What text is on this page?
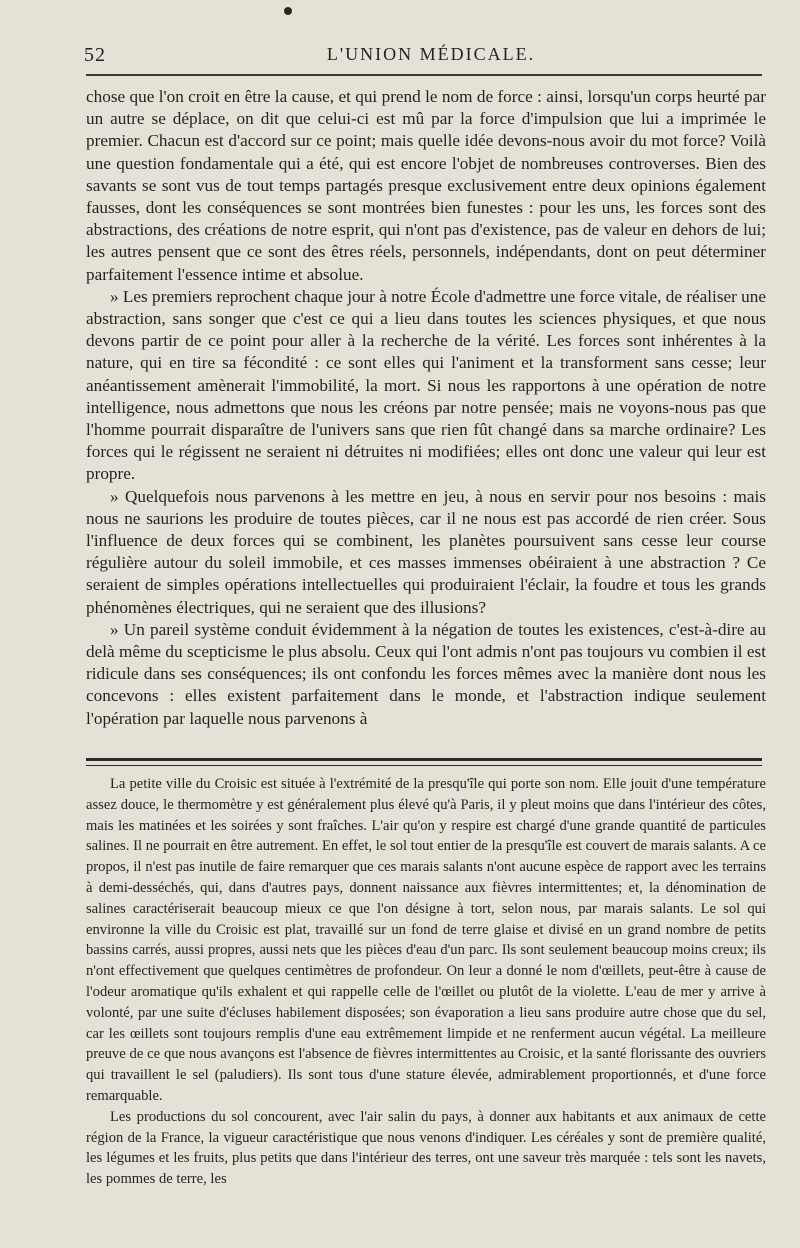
52	L'UNION MÉDICALE.

chose que l'on croit en être la cause, et qui prend le nom de force : ainsi, lorsqu'un corps heurté par un autre se déplace, on dit que celui-ci est mû par la force d'impulsion que lui a imprimée le premier. Chacun est d'accord sur ce point; mais quelle idée devons-nous avoir du mot force? Voilà une question fondamentale qui a été, qui est encore l'objet de nombreuses controverses. Bien des savants se sont vus de tout temps partagés presque exclusivement entre deux opinions également fausses, dont les conséquences se sont montrées bien funestes : pour les uns, les forces sont des abstractions, des créations de notre esprit, qui n'ont pas d'existence, pas de valeur en dehors de lui; les autres pensent que ce sont des êtres réels, personnels, indépendants, dont on peut déterminer parfaitement l'essence intime et absolue.

» Les premiers reprochent chaque jour à notre École d'admettre une force vitale, de réaliser une abstraction, sans songer que c'est ce qui a lieu dans toutes les sciences physiques, et que nous devons partir de ce point pour aller à la recherche de la vérité. Les forces sont inhérentes à la nature, qui en tire sa fécondité : ce sont elles qui l'animent et la transforment sans cesse; leur anéantissement amènerait l'immobilité, la mort. Si nous les rapportons à une opération de notre intelligence, nous admettons que nous les créons par notre pensée; mais ne voyons-nous pas que l'homme pourrait disparaître de l'univers sans que rien fût changé dans sa marche ordinaire? Les forces qui le régissent ne seraient ni détruites ni modifiées; elles ont donc une valeur qui leur est propre.

» Quelquefois nous parvenons à les mettre en jeu, à nous en servir pour nos besoins : mais nous ne saurions les produire de toutes pièces, car il ne nous est pas accordé de rien créer. Sous l'influence de deux forces qui se combinent, les planètes poursuivent sans cesse leur course régulière autour du soleil immobile, et ces masses immenses obéiraient à une abstraction ? Ce seraient de simples opérations intellectuelles qui produiraient l'éclair, la foudre et tous les grands phénomènes électriques, qui ne seraient que des illusions?

» Un pareil système conduit évidemment à la négation de toutes les existences, c'est-à-dire au delà même du scepticisme le plus absolu. Ceux qui l'ont admis n'ont pas toujours vu combien il est ridicule dans ses conséquences; ils ont confondu les forces mêmes avec la manière dont nous les concevons : elles existent parfaitement dans le monde, et l'abstraction indique seulement l'opération par laquelle nous parvenons à

La petite ville du Croisic est située à l'extrémité de la presqu'île qui porte son nom. Elle jouit d'une température assez douce, le thermomètre y est généralement plus élevé qu'à Paris, il y pleut moins que dans l'intérieur des côtes, mais les matinées et les soirées y sont fraîches. L'air qu'on y respire est chargé d'une grande quantité de particules salines. Il ne pourrait en être autrement. En effet, le sol tout entier de la presqu'île est couvert de marais salants. A ce propos, il n'est pas inutile de faire remarquer que ces marais salants n'ont aucune espèce de rapport avec les terrains à demi-desséchés, qui, dans d'autres pays, donnent naissance aux fièvres intermittentes; et, la dénomination de salines caractériserait beaucoup mieux ce que l'on désigne à tort, selon nous, par marais salants. Le sol qui environne la ville du Croisic est plat, travaillé sur un fond de terre glaise et divisé en un grand nombre de petits bassins carrés, aussi propres, aussi nets que les pièces d'eau d'un parc. Ils sont seulement beaucoup moins creux; ils n'ont effectivement que quelques centimètres de profondeur. On leur a donné le nom d'œillets, peut-être à cause de l'odeur aromatique qu'ils exhalent et qui rappelle celle de l'œillet ou plutôt de la violette. L'eau de mer y arrive à volonté, par une suite d'écluses habilement disposées; son évaporation a lieu sans produire autre chose que du sel, car les œillets sont toujours remplis d'une eau extrêmement limpide et ne renferment aucun végétal. La meilleure preuve de ce que nous avançons est l'absence de fièvres intermittentes au Croisic, et la santé florissante des ouvriers qui travaillent le sel (paludiers). Ils sont tous d'une stature élevée, admirablement proportionnés, et d'une force remarquable.

Les productions du sol concourent, avec l'air salin du pays, à donner aux habitants et aux animaux de cette région de la France, la vigueur caractéristique que nous venons d'indiquer. Les céréales y sont de première qualité, les légumes et les fruits, plus petits que dans l'intérieur des terres, ont une saveur très marquée : tels sont les navets, les pommes de terre, les
